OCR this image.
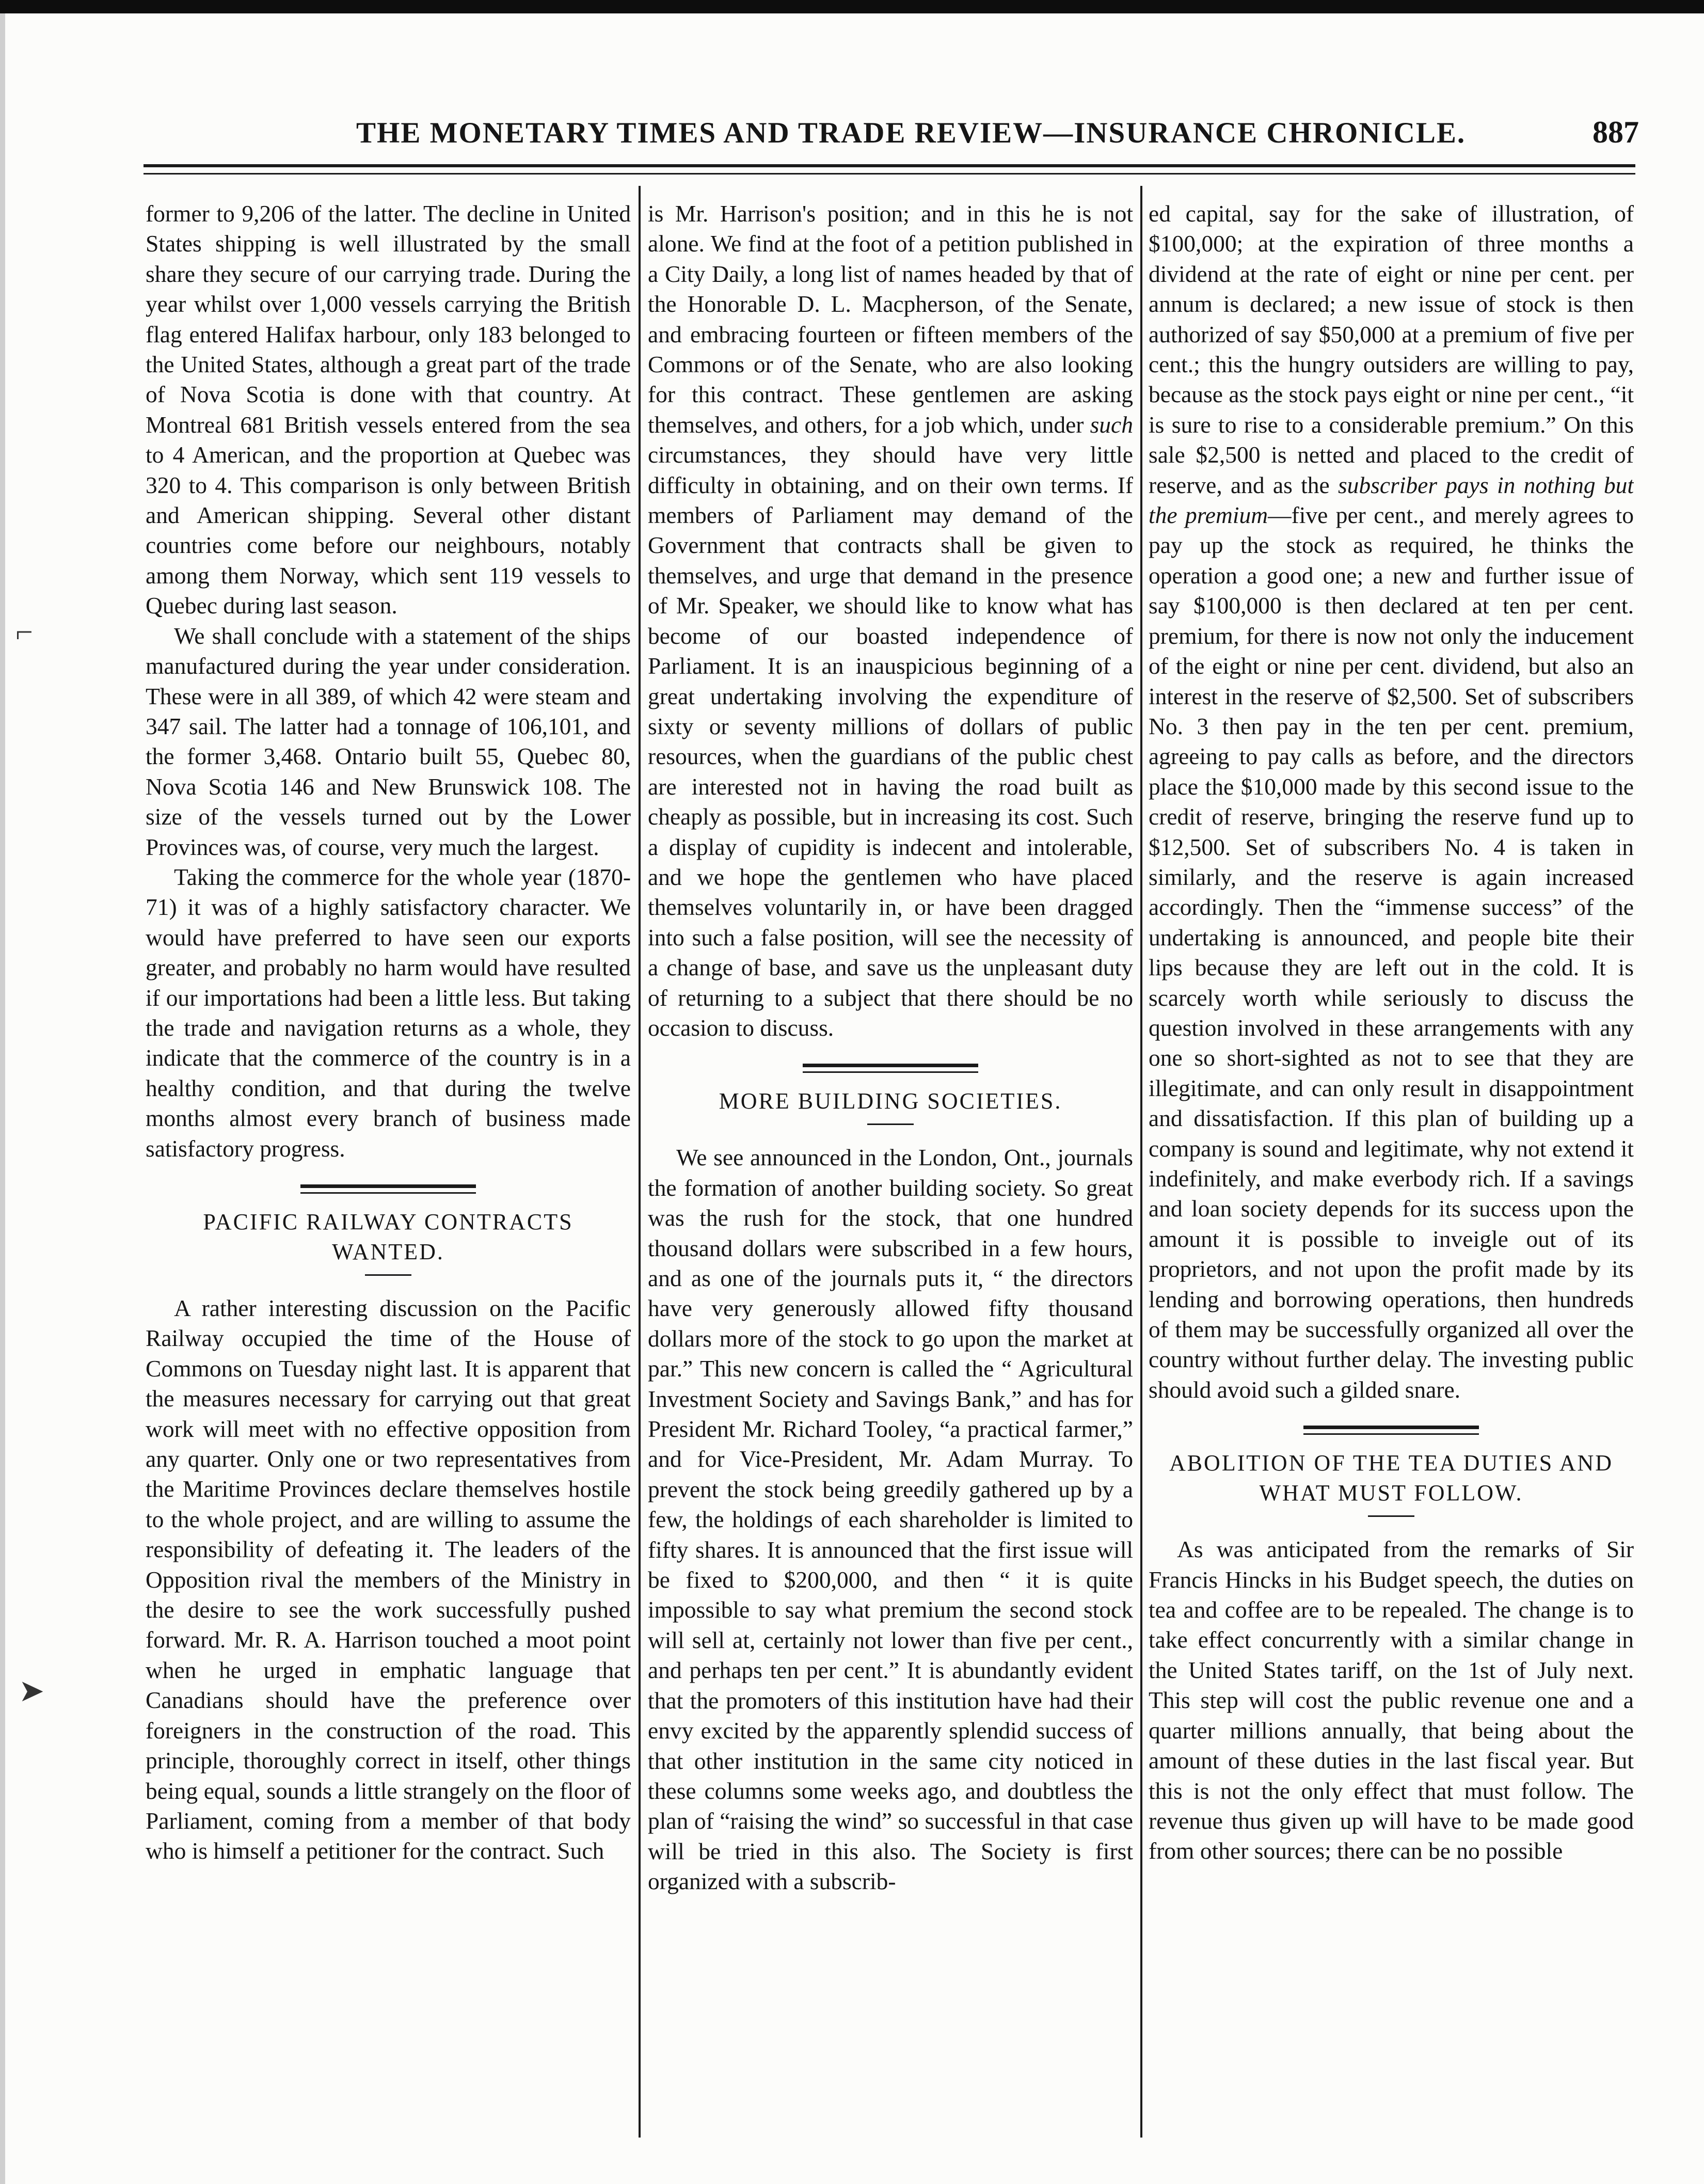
⌐
➤
THE MONETARY TIMES AND TRADE REVIEW—INSURANCE CHRONICLE.	887

former to 9,206 of the latter. The decline in United States shipping is well illustrated by the small share they secure of our carrying trade. During the year whilst over 1,000 vessels carrying the British flag entered Halifax harbour, only 183 belonged to the United States, although a great part of the trade of Nova Scotia is done with that country. At Montreal 681 British vessels entered from the sea to 4 American, and the proportion at Quebec was 320 to 4. This comparison is only between British and American shipping. Several other distant countries come before our neighbours, notably among them Norway, which sent 119 vessels to Quebec during last season.

We shall conclude with a statement of the ships manufactured during the year under consideration. These were in all 389, of which 42 were steam and 347 sail. The latter had a tonnage of 106,101, and the former 3,468. Ontario built 55, Quebec 80, Nova Scotia 146 and New Brunswick 108. The size of the vessels turned out by the Lower Provinces was, of course, very much the largest.

Taking the commerce for the whole year (1870-71) it was of a highly satisfactory character. We would have preferred to have seen our exports greater, and probably no harm would have resulted if our importations had been a little less. But taking the trade and navigation returns as a whole, they indicate that the commerce of the country is in a healthy condition, and that during the twelve months almost every branch of business made satisfactory progress.

PACIFIC RAILWAY CONTRACTS WANTED.

A rather interesting discussion on the Pacific Railway occupied the time of the House of Commons on Tuesday night last. It is apparent that the measures necessary for carrying out that great work will meet with no effective opposition from any quarter. Only one or two representatives from the Maritime Provinces declare themselves hostile to the whole project, and are willing to assume the responsibility of defeating it. The leaders of the Opposition rival the members of the Ministry in the desire to see the work successfully pushed forward. Mr. R. A. Harrison touched a moot point when he urged in emphatic language that Canadians should have the preference over foreigners in the construction of the road. This principle, thoroughly correct in itself, other things being equal, sounds a little strangely on the floor of Parliament, coming from a member of that body who is himself a petitioner for the contract. Such

is Mr. Harrison's position; and in this he is not alone. We find at the foot of a petition published in a City Daily, a long list of names headed by that of the Honorable D. L. Macpherson, of the Senate, and embracing fourteen or fifteen members of the Commons or of the Senate, who are also looking for this contract. These gentlemen are asking themselves, and others, for a job which, under such circumstances, they should have very little difficulty in obtaining, and on their own terms. If members of Parliament may demand of the Government that contracts shall be given to themselves, and urge that demand in the presence of Mr. Speaker, we should like to know what has become of our boasted independence of Parliament. It is an inauspicious beginning of a great undertaking involving the expenditure of sixty or seventy millions of dollars of public resources, when the guardians of the public chest are interested not in having the road built as cheaply as possible, but in increasing its cost. Such a display of cupidity is indecent and intolerable, and we hope the gentlemen who have placed themselves voluntarily in, or have been dragged into such a false position, will see the necessity of a change of base, and save us the unpleasant duty of returning to a subject that there should be no occasion to discuss.

MORE BUILDING SOCIETIES.

We see announced in the London, Ont., journals the formation of another building society. So great was the rush for the stock, that one hundred thousand dollars were subscribed in a few hours, and as one of the journals puts it, “ the directors have very generously allowed fifty thousand dollars more of the stock to go upon the market at par.” This new concern is called the “ Agricultural Investment Society and Savings Bank,” and has for President Mr. Richard Tooley, “a practical farmer,” and for Vice-President, Mr. Adam Murray. To prevent the stock being greedily gathered up by a few, the holdings of each shareholder is limited to fifty shares. It is announced that the first issue will be fixed to $200,000, and then “ it is quite impossible to say what premium the second stock will sell at, certainly not lower than five per cent., and perhaps ten per cent.” It is abundantly evident that the promoters of this institution have had their envy excited by the apparently splendid success of that other institution in the same city noticed in these columns some weeks ago, and doubtless the plan of “raising the wind” so successful in that case will be tried in this also. The Society is first organized with a subscrib-

ed capital, say for the sake of illustration, of $100,000; at the expiration of three months a dividend at the rate of eight or nine per cent. per annum is declared; a new issue of stock is then authorized of say $50,000 at a premium of five per cent.; this the hungry outsiders are willing to pay, because as the stock pays eight or nine per cent., “it is sure to rise to a considerable premium.” On this sale $2,500 is netted and placed to the credit of reserve, and as the subscriber pays in nothing but the premium—five per cent., and merely agrees to pay up the stock as required, he thinks the operation a good one; a new and further issue of say $100,000 is then declared at ten per cent. premium, for there is now not only the inducement of the eight or nine per cent. dividend, but also an interest in the reserve of $2,500. Set of subscribers No. 3 then pay in the ten per cent. premium, agreeing to pay calls as before, and the directors place the $10,000 made by this second issue to the credit of reserve, bringing the reserve fund up to $12,500. Set of subscribers No. 4 is taken in similarly, and the reserve is again increased accordingly. Then the “immense success” of the undertaking is announced, and people bite their lips because they are left out in the cold. It is scarcely worth while seriously to discuss the question involved in these arrangements with any one so short-sighted as not to see that they are illegitimate, and can only result in disappointment and dissatisfaction. If this plan of building up a company is sound and legitimate, why not extend it indefinitely, and make everbody rich. If a savings and loan society depends for its success upon the amount it is possible to inveigle out of its proprietors, and not upon the profit made by its lending and borrowing operations, then hundreds of them may be successfully organized all over the country without further delay. The investing public should avoid such a gilded snare.

ABOLITION OF THE TEA DUTIES AND WHAT MUST FOLLOW.

As was anticipated from the remarks of Sir Francis Hincks in his Budget speech, the duties on tea and coffee are to be repealed. The change is to take effect concurrently with a similar change in the United States tariff, on the 1st of July next. This step will cost the public revenue one and a quarter millions annually, that being about the amount of these duties in the last fiscal year. But this is not the only effect that must follow. The revenue thus given up will have to be made good from other sources; there can be no possible
